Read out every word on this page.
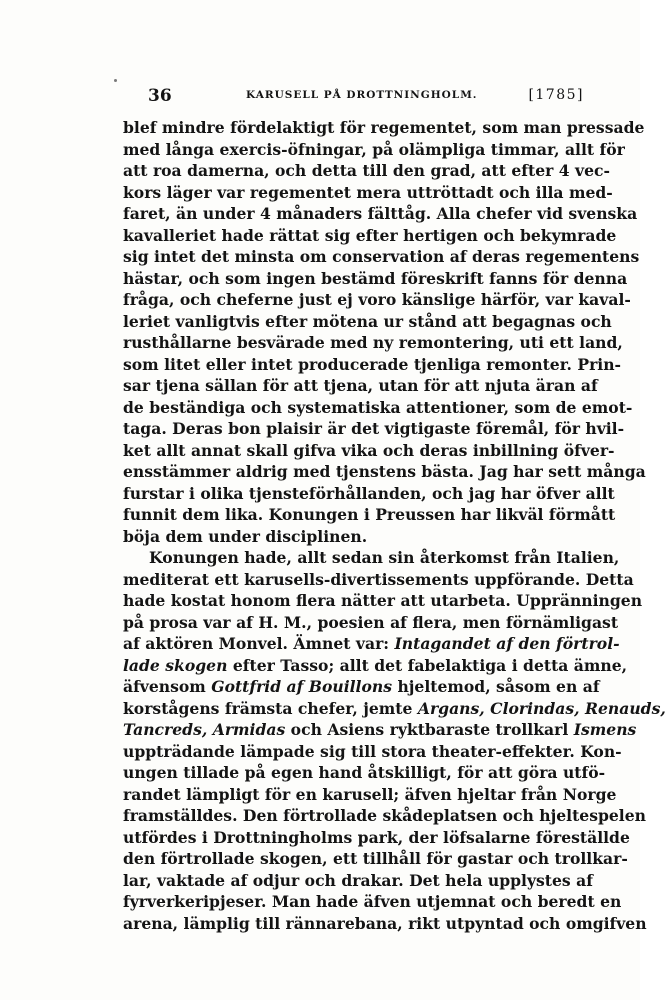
36	KARUSELL PÅ DROTTNINGHOLM.	[1785]
blef mindre fördelaktigt för regementet, som man pressade
med långa exercis-öfningar, på olämpliga timmar, allt för
att roa damerna, och detta till den grad, att efter 4 vec-
kors läger var regementet mera uttröttadt och illa med-
faret, än under 4 månaders fälttåg. Alla chefer vid svenska
kavalleriet hade rättat sig efter hertigen och bekymrade
sig intet det minsta om conservation af deras regementens
hästar, och som ingen bestämd föreskrift fanns för denna
fråga, och cheferne just ej voro känslige härför, var kaval-
leriet vanligtvis efter mötena ur stånd att begagnas och
rusthållarne besvärade med ny remontering, uti ett land,
som litet eller intet producerade tjenliga remonter. Prin-
sar tjena sällan för att tjena, utan för att njuta äran af
de beständiga och systematiska attentioner, som de emot-
taga. Deras bon plaisir är det vigtigaste föremål, för hvil-
ket allt annat skall gifva vika och deras inbillning öfver-
ensstämmer aldrig med tjenstens bästa. Jag har sett många
furstar i olika tjensteförhållanden, och jag har öfver allt
funnit dem lika. Konungen i Preussen har likväl förmått
böja dem under disciplinen.
Konungen hade, allt sedan sin återkomst från Italien,
mediterat ett karusells-divertissements uppförande. Detta
hade kostat honom flera nätter att utarbeta. Uppränningen
på prosa var af H. M., poesien af flera, men förnämligast
af aktören Monvel. Ämnet var: Intagandet af den förtrol-
lade skogen efter Tasso; allt det fabelaktiga i detta ämne,
äfvensom Gottfrid af Bouillons hjeltemod, såsom en af
korstågens främsta chefer, jemte Argans, Clorindas, Renauds,
Tancreds, Armidas och Asiens ryktbaraste trollkarl Ismens
uppträdande lämpade sig till stora theater-effekter. Kon-
ungen tillade på egen hand åtskilligt, för att göra utfö-
randet lämpligt för en karusell; äfven hjeltar från Norge
framställdes. Den förtrollade skådeplatsen och hjeltespelen
utfördes i Drottningholms park, der löfsalarne föreställde
den förtrollade skogen, ett tillhåll för gastar och trollkar-
lar, vaktade af odjur och drakar. Det hela upplystes af
fyrverkeripjeser. Man hade äfven utjemnat och beredt en
arena, lämplig till rännarebana, rikt utpyntad och omgifven
